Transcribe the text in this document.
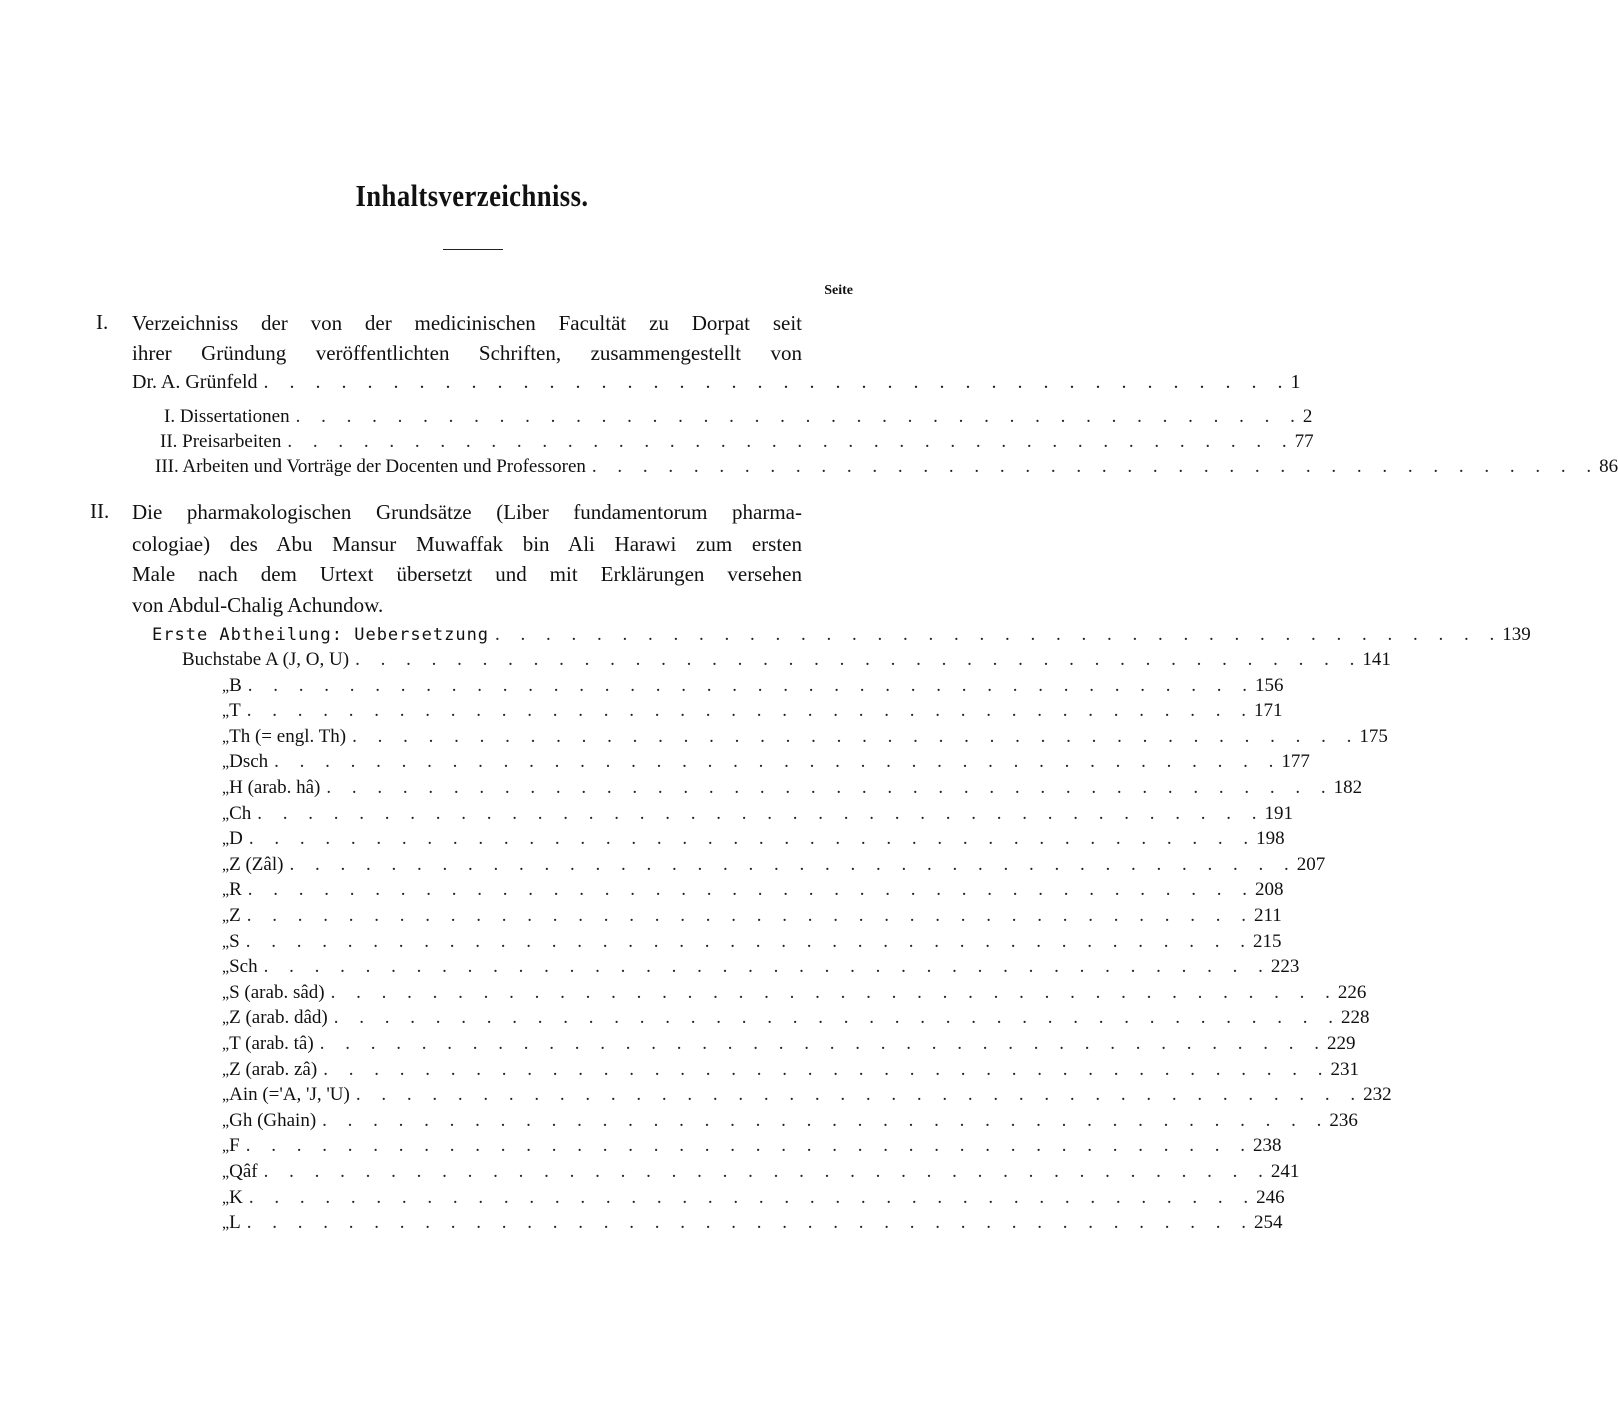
Inhaltsverzeichniss.
Seite
I. Verzeichniss der von der medicinischen Facultät zu Dorpat seit
ihrer Gründung veröffentlichten Schriften, zusammengestellt von
Dr. A. Grünfeld . . . . . . . . . . . . . . . . . . . . . . . . . . . . . . . . . . . . . . . . 1
I. Dissertationen . . . . . . . . . . . . . . . . . . . . . . . . . . . . . . . . . . . . . . . . 2
II. Preisarbeiten . . . . . . . . . . . . . . . . . . . . . . . . . . . . . . . . . . . . . . . . 77
III. Arbeiten und Vorträge der Docenten und Professoren . . . . . . . . . . . . . . . . . . . . . . . . . . . . . . . . . . . . . . . . 86
II. Die pharmakologischen Grundsätze (Liber fundamentorum pharma-
cologiae) des Abu Mansur Muwaffak bin Ali Harawi zum ersten
Male nach dem Urtext übersetzt und mit Erklärungen versehen
von Abdul-Chalig Achundow.
Erste Abtheilung: Uebersetzung . . . . . . . . . . . . . . . . . . . . . . . . . . . . . . . . . . . . . . . . 139
Buchstabe A (J, O, U) . . . . . . . . . . . . . . . . . . . . . . . . . . . . . . . . . . . . . . . . 141
„ B . . . . . . . . . . . . . . . . . . . . . . . . . . . . . . . . . . . . . . . . 156
„ T . . . . . . . . . . . . . . . . . . . . . . . . . . . . . . . . . . . . . . . . 171
„ Th (= engl. Th) . . . . . . . . . . . . . . . . . . . . . . . . . . . . . . . . . . . . . . . . 175
„ Dsch . . . . . . . . . . . . . . . . . . . . . . . . . . . . . . . . . . . . . . . . 177
„ H (arab. hâ) . . . . . . . . . . . . . . . . . . . . . . . . . . . . . . . . . . . . . . . . 182
„ Ch . . . . . . . . . . . . . . . . . . . . . . . . . . . . . . . . . . . . . . . . 191
„ D . . . . . . . . . . . . . . . . . . . . . . . . . . . . . . . . . . . . . . . . 198
„ Z (Zâl) . . . . . . . . . . . . . . . . . . . . . . . . . . . . . . . . . . . . . . . . 207
„ R . . . . . . . . . . . . . . . . . . . . . . . . . . . . . . . . . . . . . . . . 208
„ Z . . . . . . . . . . . . . . . . . . . . . . . . . . . . . . . . . . . . . . . . 211
„ S . . . . . . . . . . . . . . . . . . . . . . . . . . . . . . . . . . . . . . . . 215
„ Sch . . . . . . . . . . . . . . . . . . . . . . . . . . . . . . . . . . . . . . . . 223
„ S (arab. sâd) . . . . . . . . . . . . . . . . . . . . . . . . . . . . . . . . . . . . . . . . 226
„ Z (arab. dâd) . . . . . . . . . . . . . . . . . . . . . . . . . . . . . . . . . . . . . . . . 228
„ T (arab. tâ) . . . . . . . . . . . . . . . . . . . . . . . . . . . . . . . . . . . . . . . . 229
„ Z (arab. zâ) . . . . . . . . . . . . . . . . . . . . . . . . . . . . . . . . . . . . . . . . 231
„ Ain (='A, 'J, 'U) . . . . . . . . . . . . . . . . . . . . . . . . . . . . . . . . . . . . . . . . 232
„ Gh (Ghain) . . . . . . . . . . . . . . . . . . . . . . . . . . . . . . . . . . . . . . . . 236
„ F . . . . . . . . . . . . . . . . . . . . . . . . . . . . . . . . . . . . . . . . 238
„ Qâf . . . . . . . . . . . . . . . . . . . . . . . . . . . . . . . . . . . . . . . . 241
„ K . . . . . . . . . . . . . . . . . . . . . . . . . . . . . . . . . . . . . . . . 246
„ L . . . . . . . . . . . . . . . . . . . . . . . . . . . . . . . . . . . . . . . . 254
